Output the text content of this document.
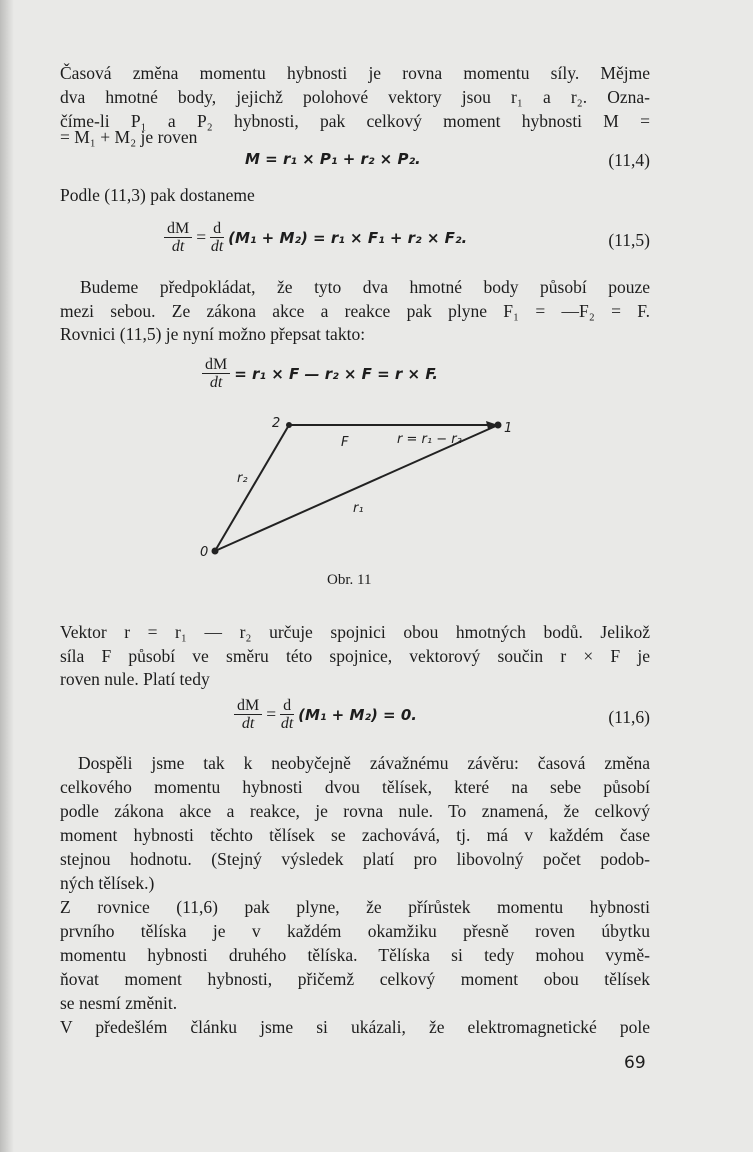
Časová změna momentu hybnosti je rovna momentu síly. Mějme
dva hmotné body, jejichž polohové vektory jsou r₁ a r₂. Ozna-
číme-li P₁ a P₂ hybnosti, pak celkový moment hybnosti M =
= M₁ + M₂ je roven
M = r₁ × P₁ + r₂ × P₂.	(11,4)
Podle (11,3) pak dostaneme
$\frac{dM}{dt} = \frac{d}{dt} (M_1 + M_2) = r_1 \times F_1 + r_2 \times F_2$.	(11,5)
Budeme předpokládat, že tyto dva hmotné body působí pouze
mezi sebou. Ze zákona akce a reakce pak plyne F₁ = —F₂ = F.
Rovnici (11,5) je nyní možno přepsat takto:
$\frac{dM}{dt} = r_1 \times F$ — r₂ × F = r × F.
0
2	1
F	r = r₁ − r₂
r₂
r₁
Obr. 11
Vektor r = r₁ — r₂ určuje spojnici obou hmotných bodů. Jelikož
síla F působí ve směru této spojnice, vektorový součin r × F je
roven nule. Platí tedy
$\frac{dM}{dt} = \frac{d}{dt} (M_1 + M_2) = 0$.	(11,6)
Dospěli jsme tak k neobyčejně závažnému závěru: časová změna
celkového momentu hybnosti dvou tělísek, které na sebe působí
podle zákona akce a reakce, je rovna nule. To znamená, že celkový
moment hybnosti těchto tělísek se zachovává, tj. má v každém čase
stejnou hodnotu. (Stejný výsledek platí pro libovolný počet podob-
ných tělísek.)
Z rovnice (11,6) pak plyne, že přírůstek momentu hybnosti
prvního tělíska je v každém okamžiku přesně roven úbytku
momentu hybnosti druhého tělíska. Tělíska si tedy mohou vymě-
ňovat moment hybnosti, přičemž celkový moment obou tělísek
se nesmí změnit.
V předešlém článku jsme si ukázali, že elektromagnetické pole
69
